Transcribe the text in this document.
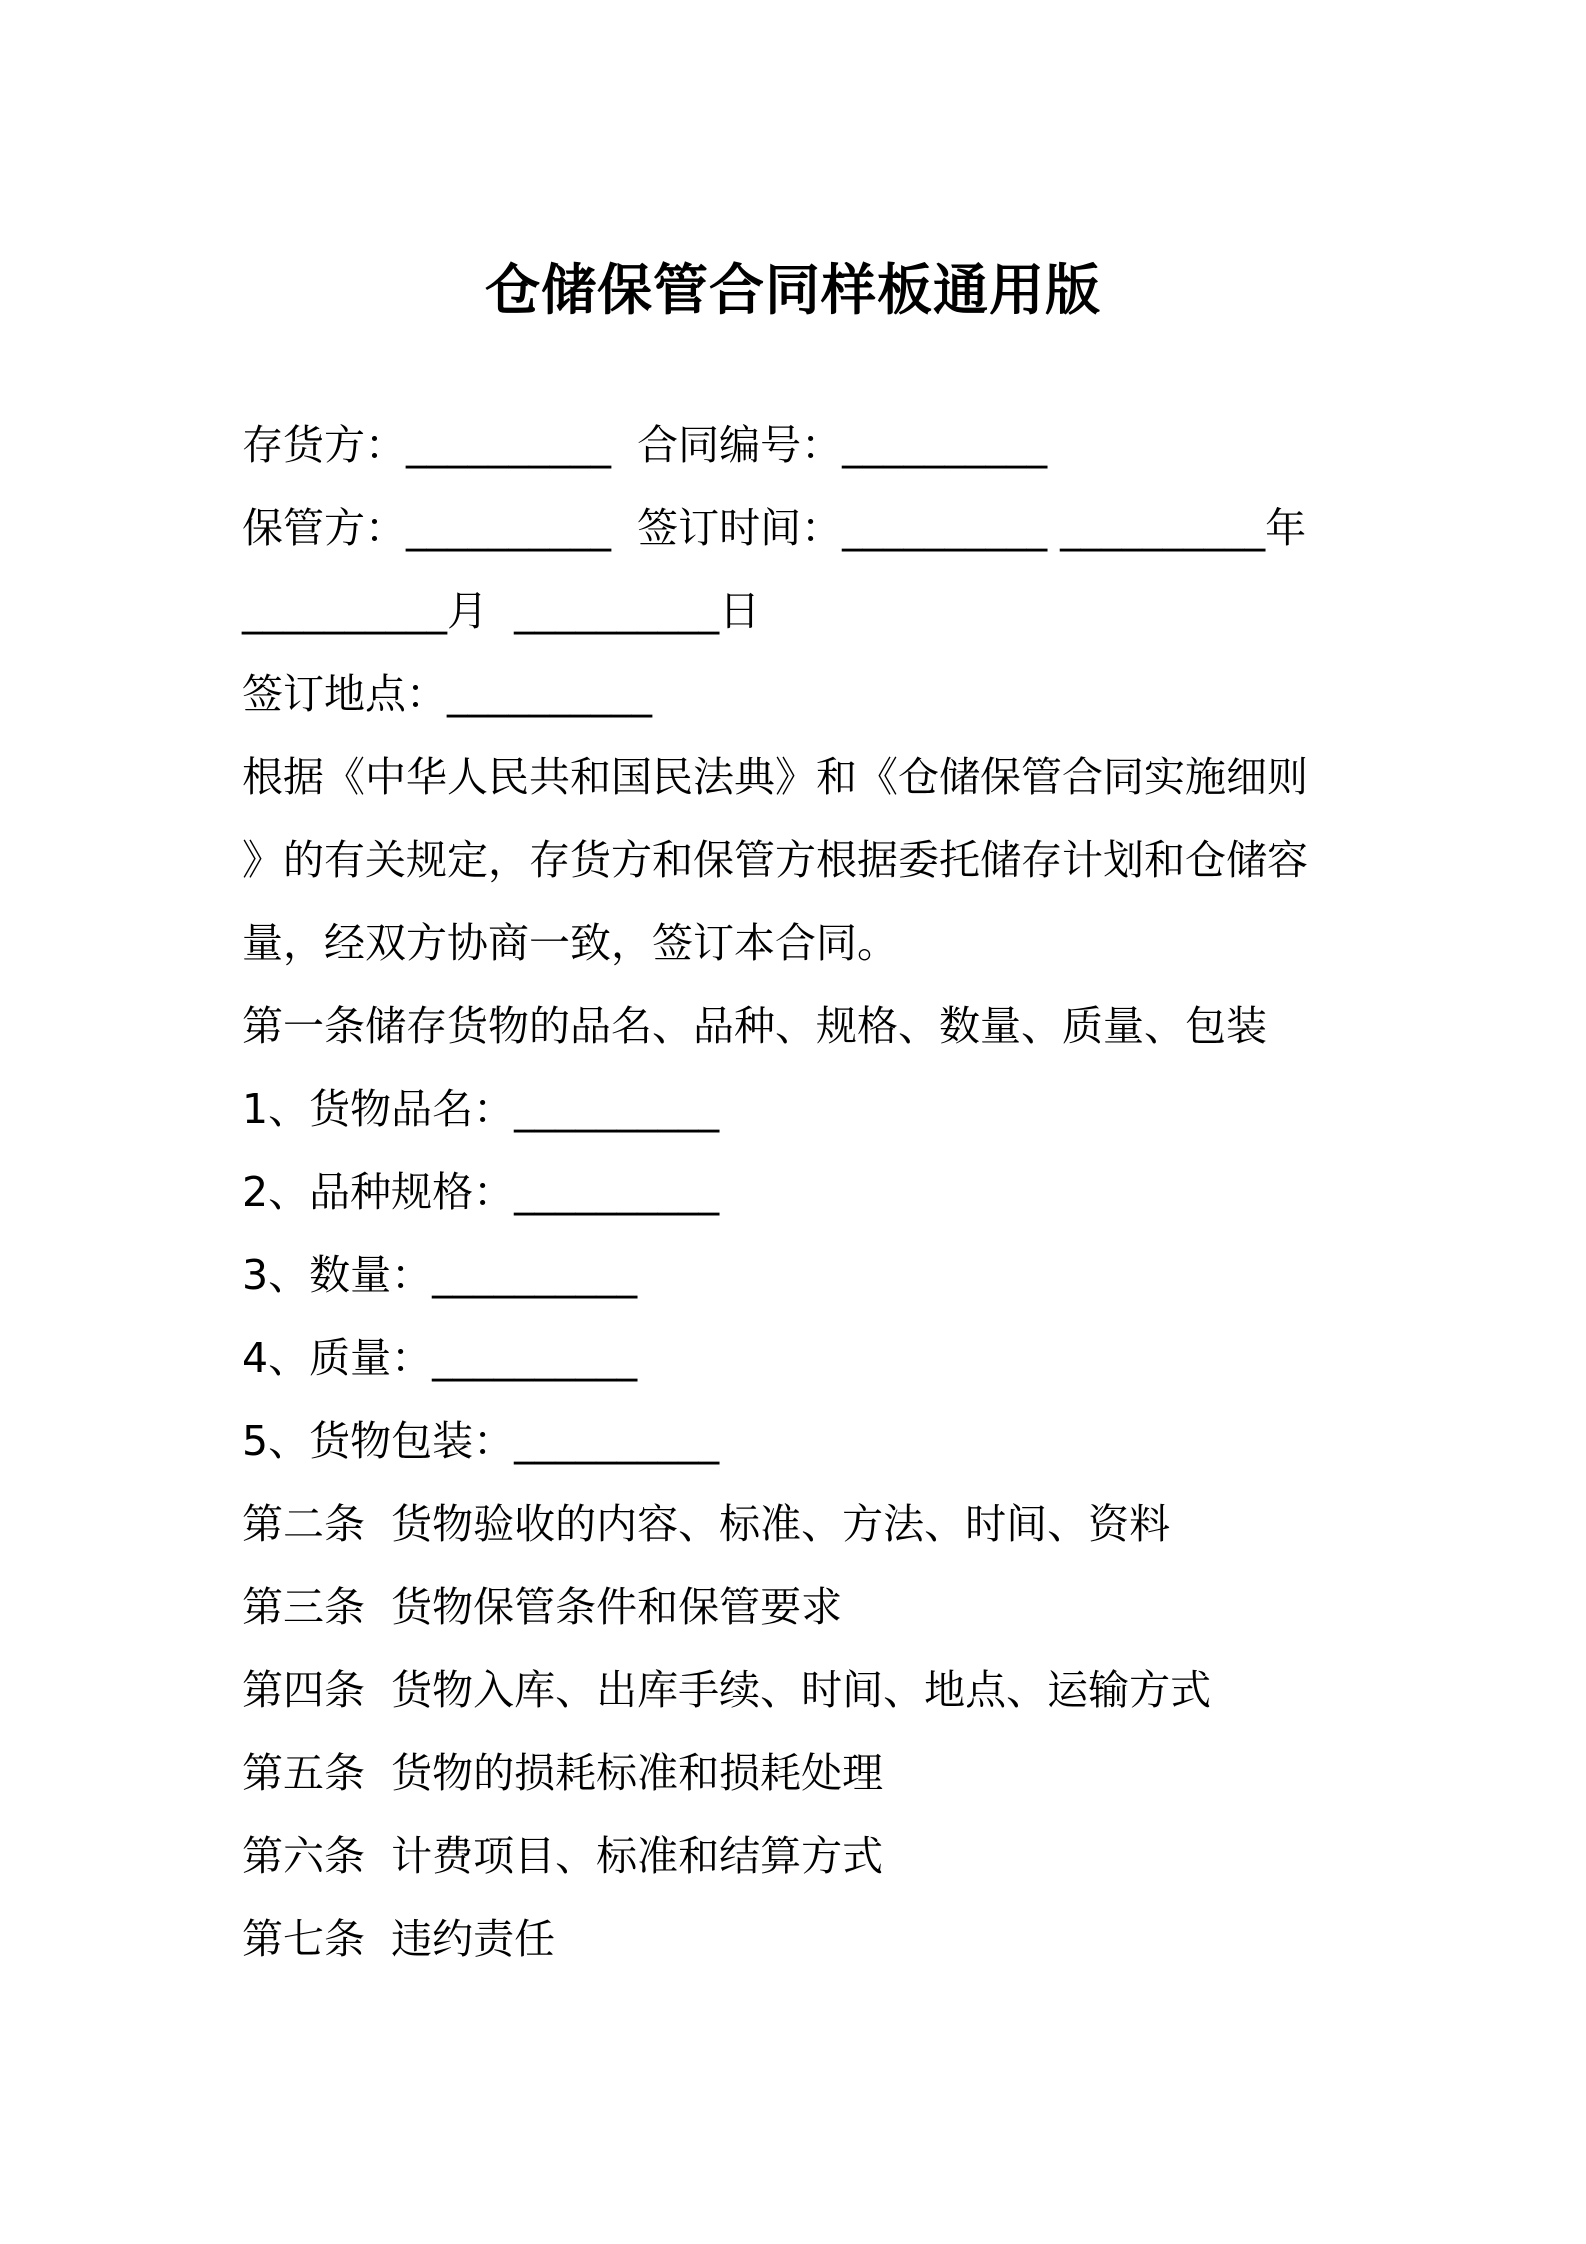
仓储保管合同样板通用版
存货方：__________  合同编号：__________
保管方：__________  签订时间：__________ __________年
__________月  __________日
签订地点：__________
根据《中华人民共和国民法典》和《仓储保管合同实施细则
》的有关规定，存货方和保管方根据委托储存计划和仓储容
量，经双方协商一致，签订本合同。
第一条储存货物的品名、品种、规格、数量、质量、包装
1、货物品名：__________
2、品种规格：__________
3、数量：__________
4、质量：__________
5、货物包装：__________
第二条  货物验收的内容、标准、方法、时间、资料
第三条  货物保管条件和保管要求
第四条  货物入库、出库手续、时间、地点、运输方式
第五条  货物的损耗标准和损耗处理
第六条  计费项目、标准和结算方式
第七条  违约责任
